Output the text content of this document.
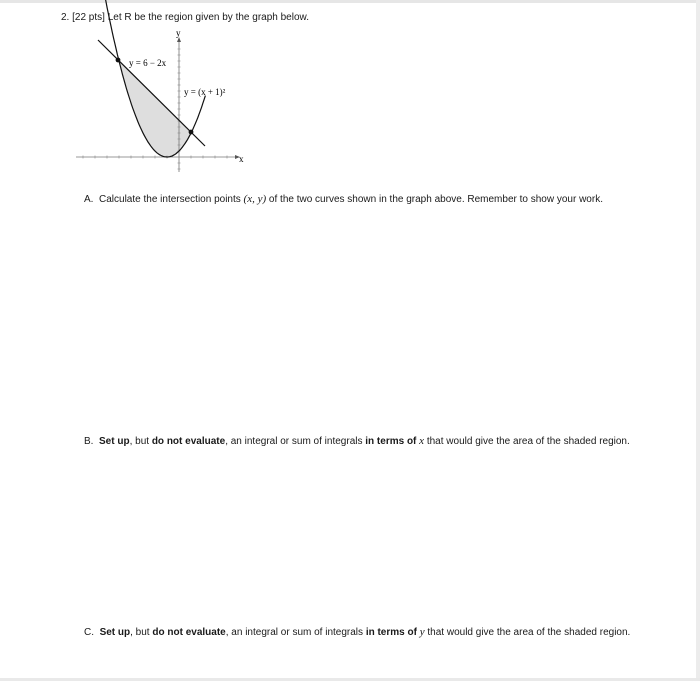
2. [22 pts] Let R be the region given by the graph below.
y
x
y = 6 − 2x
y = (x + 1)²
A. Calculate the intersection points (x, y) of the two curves shown in the graph above. Remember to show your work.
B. Set up, but do not evaluate, an integral or sum of integrals in terms of x that would give the area of the shaded region.
C. Set up, but do not evaluate, an integral or sum of integrals in terms of y that would give the area of the shaded region.
